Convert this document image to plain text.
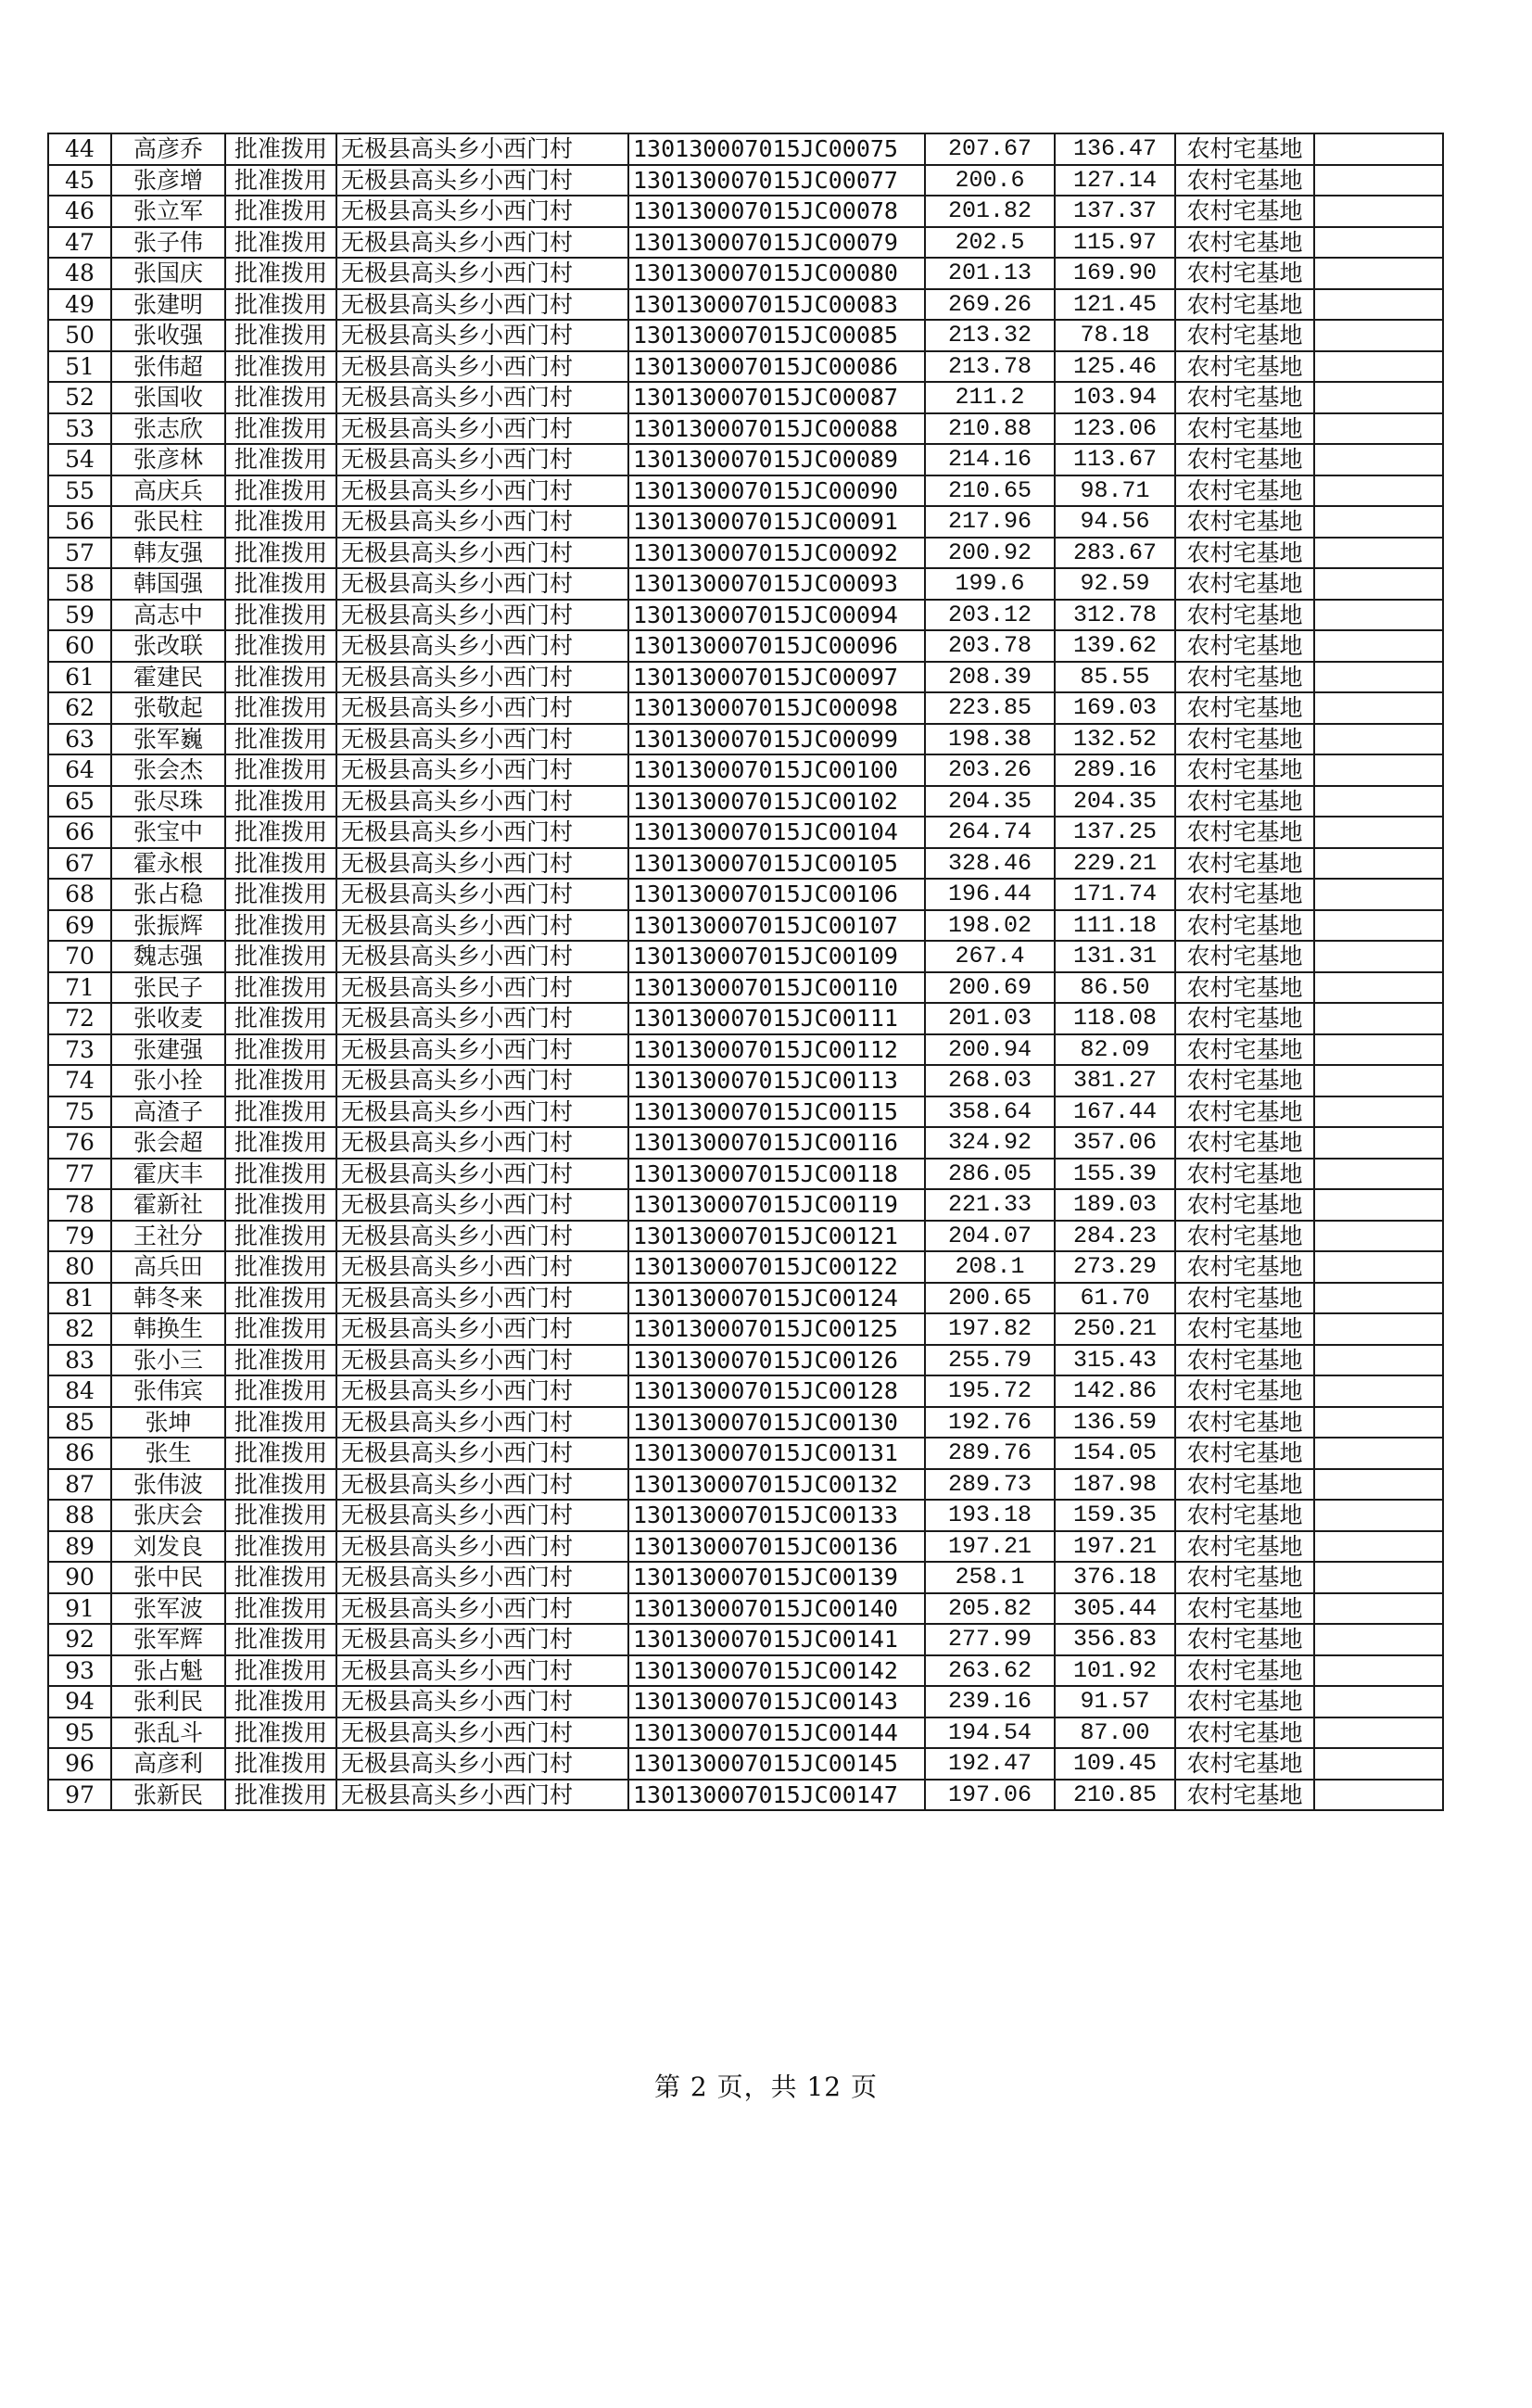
44	高彦乔	批准拨用	无极县高头乡小西门村	130130007015JC00075	207.67	136.47	农村宅基地	
45	张彦增	批准拨用	无极县高头乡小西门村	130130007015JC00077	200.6	127.14	农村宅基地	
46	张立军	批准拨用	无极县高头乡小西门村	130130007015JC00078	201.82	137.37	农村宅基地	
47	张子伟	批准拨用	无极县高头乡小西门村	130130007015JC00079	202.5	115.97	农村宅基地	
48	张国庆	批准拨用	无极县高头乡小西门村	130130007015JC00080	201.13	169.90	农村宅基地	
49	张建明	批准拨用	无极县高头乡小西门村	130130007015JC00083	269.26	121.45	农村宅基地	
50	张收强	批准拨用	无极县高头乡小西门村	130130007015JC00085	213.32	78.18	农村宅基地	
51	张伟超	批准拨用	无极县高头乡小西门村	130130007015JC00086	213.78	125.46	农村宅基地	
52	张国收	批准拨用	无极县高头乡小西门村	130130007015JC00087	211.2	103.94	农村宅基地	
53	张志欣	批准拨用	无极县高头乡小西门村	130130007015JC00088	210.88	123.06	农村宅基地	
54	张彦林	批准拨用	无极县高头乡小西门村	130130007015JC00089	214.16	113.67	农村宅基地	
55	高庆兵	批准拨用	无极县高头乡小西门村	130130007015JC00090	210.65	98.71	农村宅基地	
56	张民柱	批准拨用	无极县高头乡小西门村	130130007015JC00091	217.96	94.56	农村宅基地	
57	韩友强	批准拨用	无极县高头乡小西门村	130130007015JC00092	200.92	283.67	农村宅基地	
58	韩国强	批准拨用	无极县高头乡小西门村	130130007015JC00093	199.6	92.59	农村宅基地	
59	高志中	批准拨用	无极县高头乡小西门村	130130007015JC00094	203.12	312.78	农村宅基地	
60	张改联	批准拨用	无极县高头乡小西门村	130130007015JC00096	203.78	139.62	农村宅基地	
61	霍建民	批准拨用	无极县高头乡小西门村	130130007015JC00097	208.39	85.55	农村宅基地	
62	张敬起	批准拨用	无极县高头乡小西门村	130130007015JC00098	223.85	169.03	农村宅基地	
63	张军巍	批准拨用	无极县高头乡小西门村	130130007015JC00099	198.38	132.52	农村宅基地	
64	张会杰	批准拨用	无极县高头乡小西门村	130130007015JC00100	203.26	289.16	农村宅基地	
65	张尽珠	批准拨用	无极县高头乡小西门村	130130007015JC00102	204.35	204.35	农村宅基地	
66	张宝中	批准拨用	无极县高头乡小西门村	130130007015JC00104	264.74	137.25	农村宅基地	
67	霍永根	批准拨用	无极县高头乡小西门村	130130007015JC00105	328.46	229.21	农村宅基地	
68	张占稳	批准拨用	无极县高头乡小西门村	130130007015JC00106	196.44	171.74	农村宅基地	
69	张振辉	批准拨用	无极县高头乡小西门村	130130007015JC00107	198.02	111.18	农村宅基地	
70	魏志强	批准拨用	无极县高头乡小西门村	130130007015JC00109	267.4	131.31	农村宅基地	
71	张民子	批准拨用	无极县高头乡小西门村	130130007015JC00110	200.69	86.50	农村宅基地	
72	张收麦	批准拨用	无极县高头乡小西门村	130130007015JC00111	201.03	118.08	农村宅基地	
73	张建强	批准拨用	无极县高头乡小西门村	130130007015JC00112	200.94	82.09	农村宅基地	
74	张小拴	批准拨用	无极县高头乡小西门村	130130007015JC00113	268.03	381.27	农村宅基地	
75	高渣子	批准拨用	无极县高头乡小西门村	130130007015JC00115	358.64	167.44	农村宅基地	
76	张会超	批准拨用	无极县高头乡小西门村	130130007015JC00116	324.92	357.06	农村宅基地	
77	霍庆丰	批准拨用	无极县高头乡小西门村	130130007015JC00118	286.05	155.39	农村宅基地	
78	霍新社	批准拨用	无极县高头乡小西门村	130130007015JC00119	221.33	189.03	农村宅基地	
79	王社分	批准拨用	无极县高头乡小西门村	130130007015JC00121	204.07	284.23	农村宅基地	
80	高兵田	批准拨用	无极县高头乡小西门村	130130007015JC00122	208.1	273.29	农村宅基地	
81	韩冬来	批准拨用	无极县高头乡小西门村	130130007015JC00124	200.65	61.70	农村宅基地	
82	韩换生	批准拨用	无极县高头乡小西门村	130130007015JC00125	197.82	250.21	农村宅基地	
83	张小三	批准拨用	无极县高头乡小西门村	130130007015JC00126	255.79	315.43	农村宅基地	
84	张伟宾	批准拨用	无极县高头乡小西门村	130130007015JC00128	195.72	142.86	农村宅基地	
85	张坤	批准拨用	无极县高头乡小西门村	130130007015JC00130	192.76	136.59	农村宅基地	
86	张生	批准拨用	无极县高头乡小西门村	130130007015JC00131	289.76	154.05	农村宅基地	
87	张伟波	批准拨用	无极县高头乡小西门村	130130007015JC00132	289.73	187.98	农村宅基地	
88	张庆会	批准拨用	无极县高头乡小西门村	130130007015JC00133	193.18	159.35	农村宅基地	
89	刘发良	批准拨用	无极县高头乡小西门村	130130007015JC00136	197.21	197.21	农村宅基地	
90	张中民	批准拨用	无极县高头乡小西门村	130130007015JC00139	258.1	376.18	农村宅基地	
91	张军波	批准拨用	无极县高头乡小西门村	130130007015JC00140	205.82	305.44	农村宅基地	
92	张军辉	批准拨用	无极县高头乡小西门村	130130007015JC00141	277.99	356.83	农村宅基地	
93	张占魁	批准拨用	无极县高头乡小西门村	130130007015JC00142	263.62	101.92	农村宅基地	
94	张利民	批准拨用	无极县高头乡小西门村	130130007015JC00143	239.16	91.57	农村宅基地	
95	张乱斗	批准拨用	无极县高头乡小西门村	130130007015JC00144	194.54	87.00	农村宅基地	
96	高彦利	批准拨用	无极县高头乡小西门村	130130007015JC00145	192.47	109.45	农村宅基地	
97	张新民	批准拨用	无极县高头乡小西门村	130130007015JC00147	197.06	210.85	农村宅基地	
第 2 页，共 12 页
